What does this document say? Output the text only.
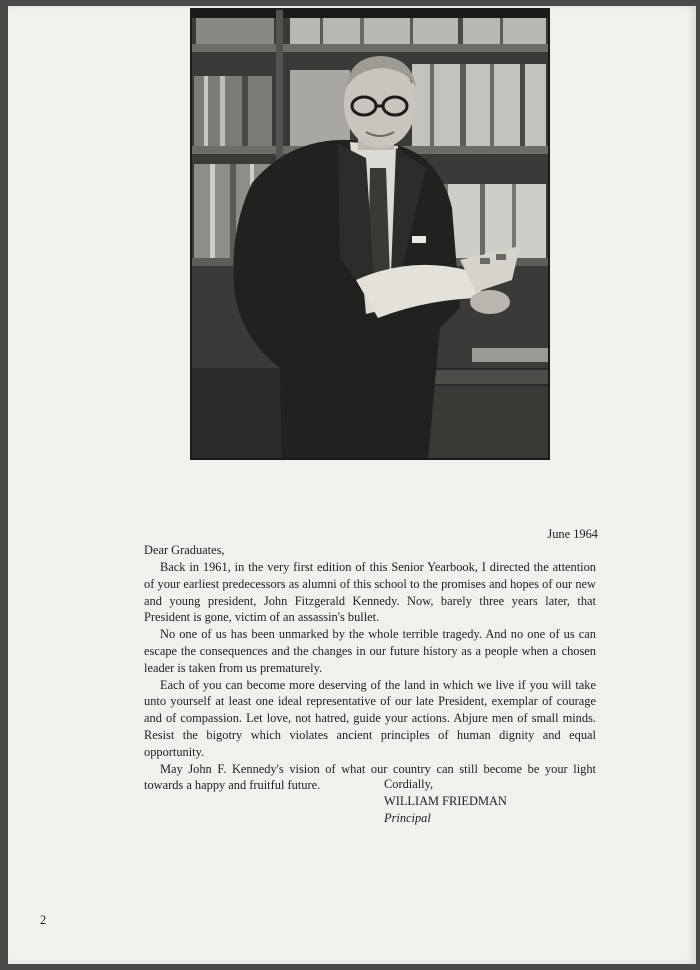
June 1964
Dear Graduates,

Back in 1961, in the very first edition of this Senior Yearbook, I directed the attention of your earliest predecessors as alumni of this school to the promises and hopes of our new and young president, John Fitzgerald Kennedy. Now, barely three years later, that President is gone, victim of an assassin's bullet.

No one of us has been unmarked by the whole terrible tragedy. And no one of us can escape the consequences and the changes in our future history as a people when a chosen leader is taken from us prematurely.

Each of you can become more deserving of the land in which we live if you will take unto yourself at least one ideal representative of our late President, exemplar of courage and of compassion. Let love, not hatred, guide your actions. Abjure men of small minds. Resist the bigotry which violates ancient principles of human dignity and equal opportunity.

May John F. Kennedy's vision of what our country can still become be your light towards a happy and fruitful future.	Cordially,
WILLIAM FRIEDMAN
Principal
2
